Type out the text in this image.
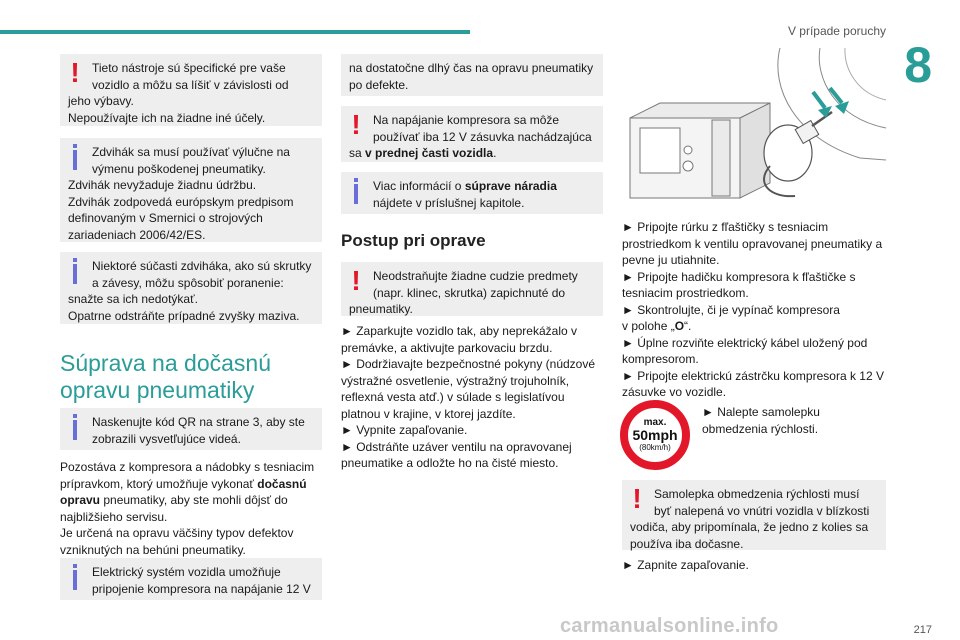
V prípade poruchy
8
!	Tieto nástroje sú špecifické pre vaše vozidlo a môžu sa líšiť v závislosti od
jeho výbavy.
Nepoužívajte ich na žiadne iné účely.
Zdvihák sa musí používať výlučne na výmenu poškodenej pneumatiky.
Zdvihák nevyžaduje žiadnu údržbu.
Zdvihák zodpovedá európskym predpisom definovaným v Smernici o strojových zariadeniach 2006/42/ES.
Niektoré súčasti zdviháka, ako sú skrutky a závesy, môžu spôsobiť poranenie:
snažte sa ich nedotýkať.
Opatrne odstráňte prípadné zvyšky maziva.
Súprava na dočasnú opravu pneumatiky
Naskenujte kód QR na strane 3, aby ste zobrazili vysvetľujúce videá.
Pozostáva z kompresora a nádobky s tesniacim prípravkom, ktorý umožňuje vykonať dočasnú opravu pneumatiky, aby ste mohli dôjsť do najbližšieho servisu.
Je určená na opravu väčšiny typov defektov vzniknutých na behúni pneumatiky.
Elektrický systém vozidla umožňuje pripojenie kompresora na napájanie 12 V
na dostatočne dlhý čas na opravu pneumatiky po defekte.
!	Na napájanie kompresora sa môže používať iba 12 V zásuvka nachádzajúca
sa v prednej časti vozidla.
Viac informácií o súprave náradia nájdete v príslušnej kapitole.
Postup pri oprave
!	Neodstraňujte žiadne cudzie predmety (napr. klinec, skrutka) zapichnuté do
pneumatiky.
► Zaparkujte vozidlo tak, aby neprekážalo v premávke, a aktivujte parkovaciu brzdu.
► Dodržiavajte bezpečnostné pokyny (núdzové výstražné osvetlenie, výstražný trojuholník, reflexná vesta atď.) v súlade s legislatívou platnou v krajine, v ktorej jazdíte.
► Vypnite zapaľovanie.
► Odstráňte uzáver ventilu na opravovanej pneumatike a odložte ho na čisté miesto.
► Pripojte rúrku z fľaštičky s tesniacim prostriedkom k ventilu opravovanej pneumatiky a pevne ju utiahnite.
► Pripojte hadičku kompresora k fľaštičke s tesniacim prostriedkom.
► Skontrolujte, či je vypínač kompresora
v polohe „O“.
► Úplne rozviňte elektrický kábel uložený pod kompresorom.
► Pripojte elektrickú zástrčku kompresora k 12 V zásuvke vo vozidle.
max.
50mph
(80km/h)
► Nalepte samolepku obmedzenia rýchlosti.
!	Samolepka obmedzenia rýchlosti musí byť nalepená vo vnútri vozidla v blízkosti
vodiča, aby pripomínala, že jedno z kolies sa používa iba dočasne.
► Zapnite zapaľovanie.
carmanualsonline.info	217
